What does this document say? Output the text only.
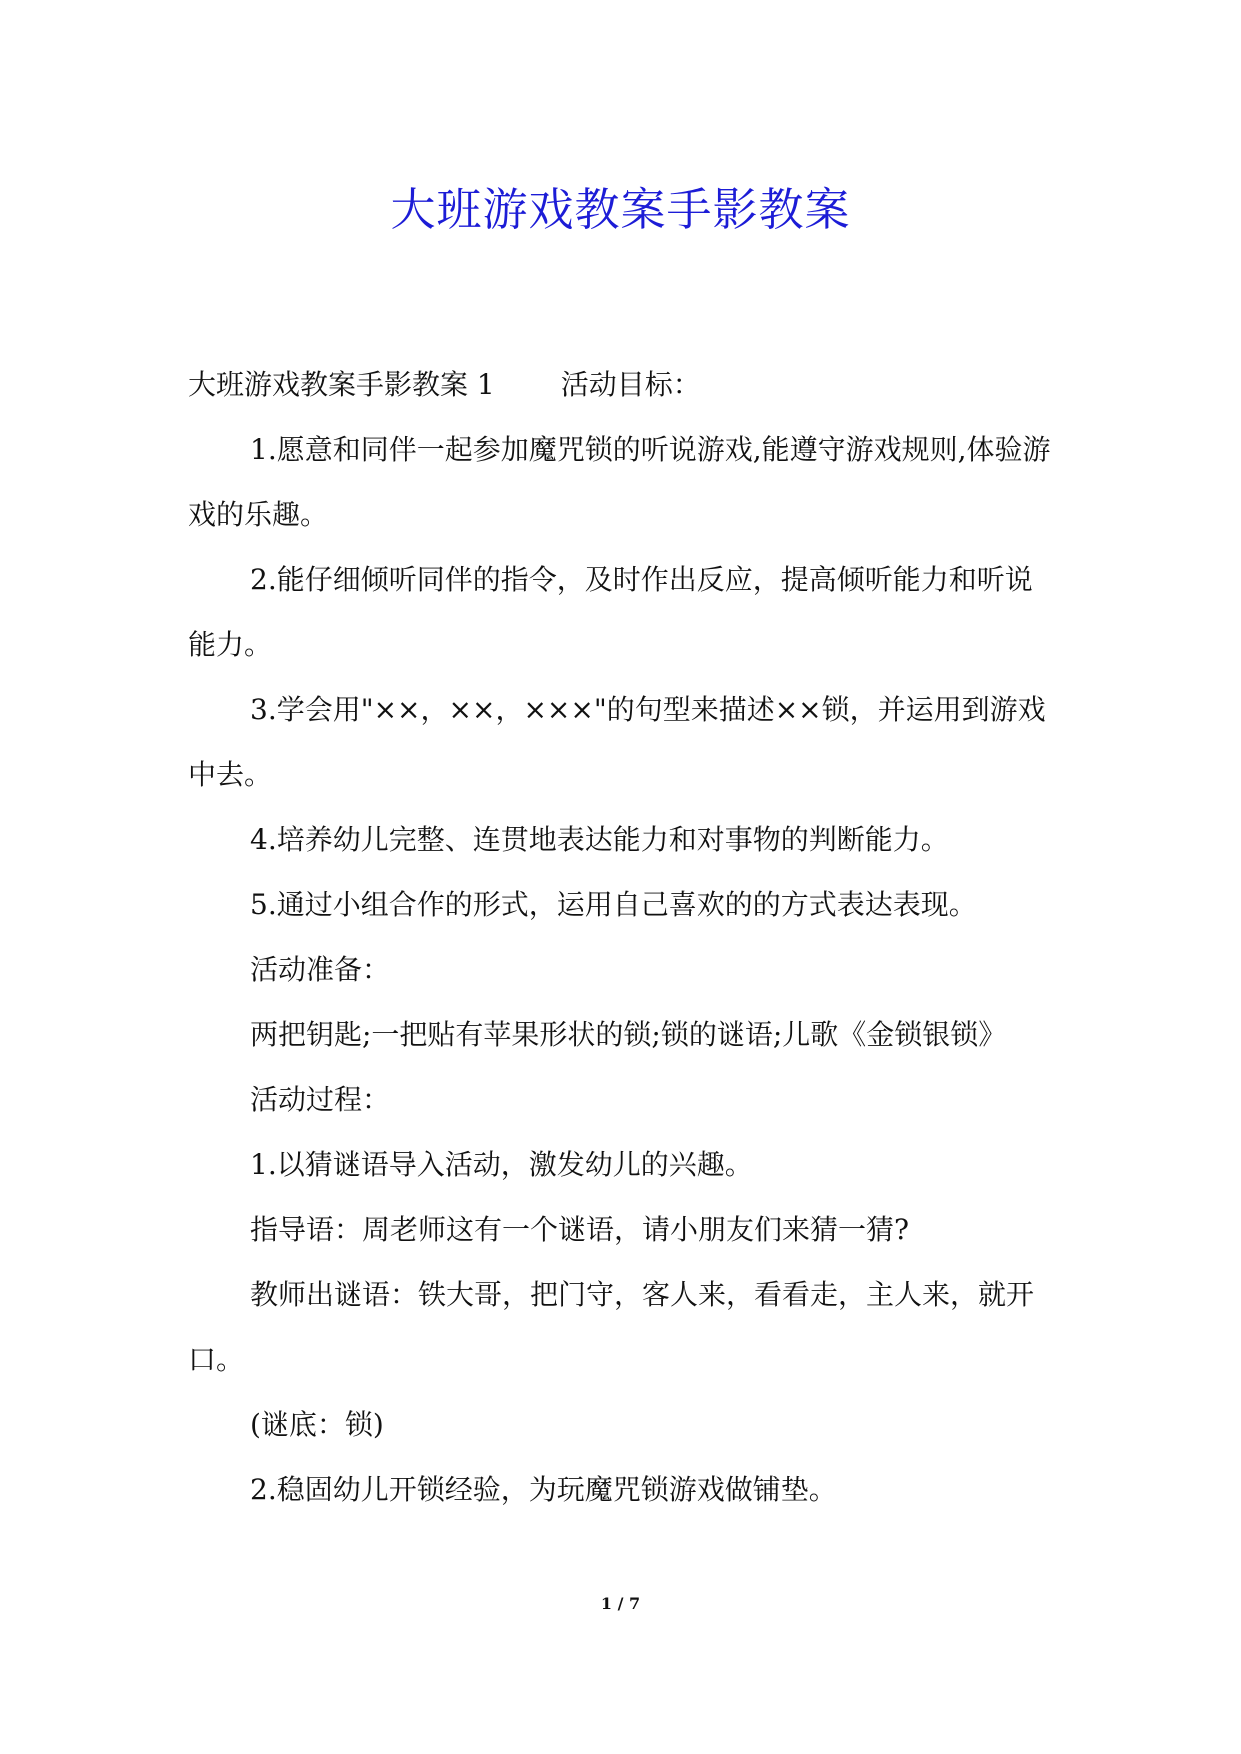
大班游戏教案手影教案

大班游戏教案手影教案 1 活动目标：

1.愿意和同伴一起参加魔咒锁的听说游戏,能遵守游戏规则,体验游戏的乐趣。

2.能仔细倾听同伴的指令，及时作出反应，提高倾听能力和听说能力。

3.学会用"××，××，×××"的句型来描述××锁，并运用到游戏中去。

4.培养幼儿完整、连贯地表达能力和对事物的判断能力。

5.通过小组合作的形式，运用自己喜欢的的方式表达表现。

活动准备：

两把钥匙;一把贴有苹果形状的锁;锁的谜语;儿歌《金锁银锁》

活动过程：

1.以猜谜语导入活动，激发幼儿的兴趣。

指导语：周老师这有一个谜语，请小朋友们来猜一猜?

教师出谜语：铁大哥，把门守，客人来，看看走，主人来，就开口。

(谜底：锁)

2.稳固幼儿开锁经验，为玩魔咒锁游戏做铺垫。

1 / 7
